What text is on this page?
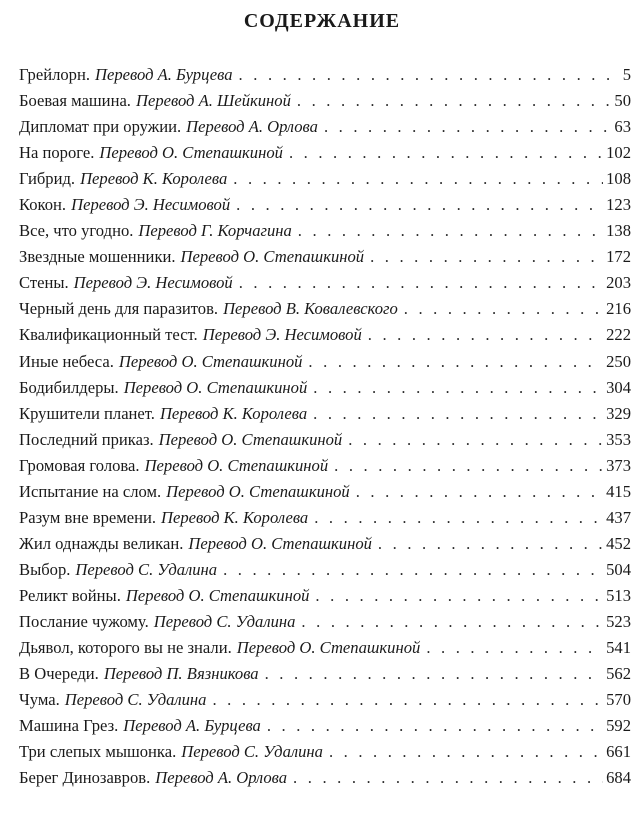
СОДЕРЖАНИЕ
Грейлорн. Перевод А. Бурцева . . .	5
Боевая машина. Перевод А. Шейкиной . . .	50
Дипломат при оружии. Перевод А. Орлова . . .	63
На пороге. Перевод О. Степашкиной . . .	102
Гибрид. Перевод К. Королева . . .	108
Кокон. Перевод Э. Несимовой . . .	123
Все, что угодно. Перевод Г. Корчагина . . .	138
Звездные мошенники. Перевод О. Степашкиной . . .	172
Стены. Перевод Э. Несимовой . . .	203
Черный день для паразитов. Перевод В. Ковалевского . . .	216
Квалификационный тест. Перевод Э. Несимовой . . .	222
Иные небеса. Перевод О. Степашкиной . . .	250
Бодибилдеры. Перевод О. Степашкиной . . .	304
Крушители планет. Перевод К. Королева . . .	329
Последний приказ. Перевод О. Степашкиной . . .	353
Громовая голова. Перевод О. Степашкиной . . .	373
Испытание на слом. Перевод О. Степашкиной . . .	415
Разум вне времени. Перевод К. Королева . . .	437
Жил однажды великан. Перевод О. Степашкиной . . .	452
Выбор. Перевод С. Удалина . . .	504
Реликт войны. Перевод О. Степашкиной . . .	513
Послание чужому. Перевод С. Удалина . . .	523
Дьявол, которого вы не знали. Перевод О. Степашкиной . . .	541
В Очереди. Перевод П. Вязникова . . .	562
Чума. Перевод С. Удалина . . .	570
Машина Грез. Перевод А. Бурцева . . .	592
Три слепых мышонка. Перевод С. Удалина . . .	661
Берег Динозавров. Перевод А. Орлова . . .	684
